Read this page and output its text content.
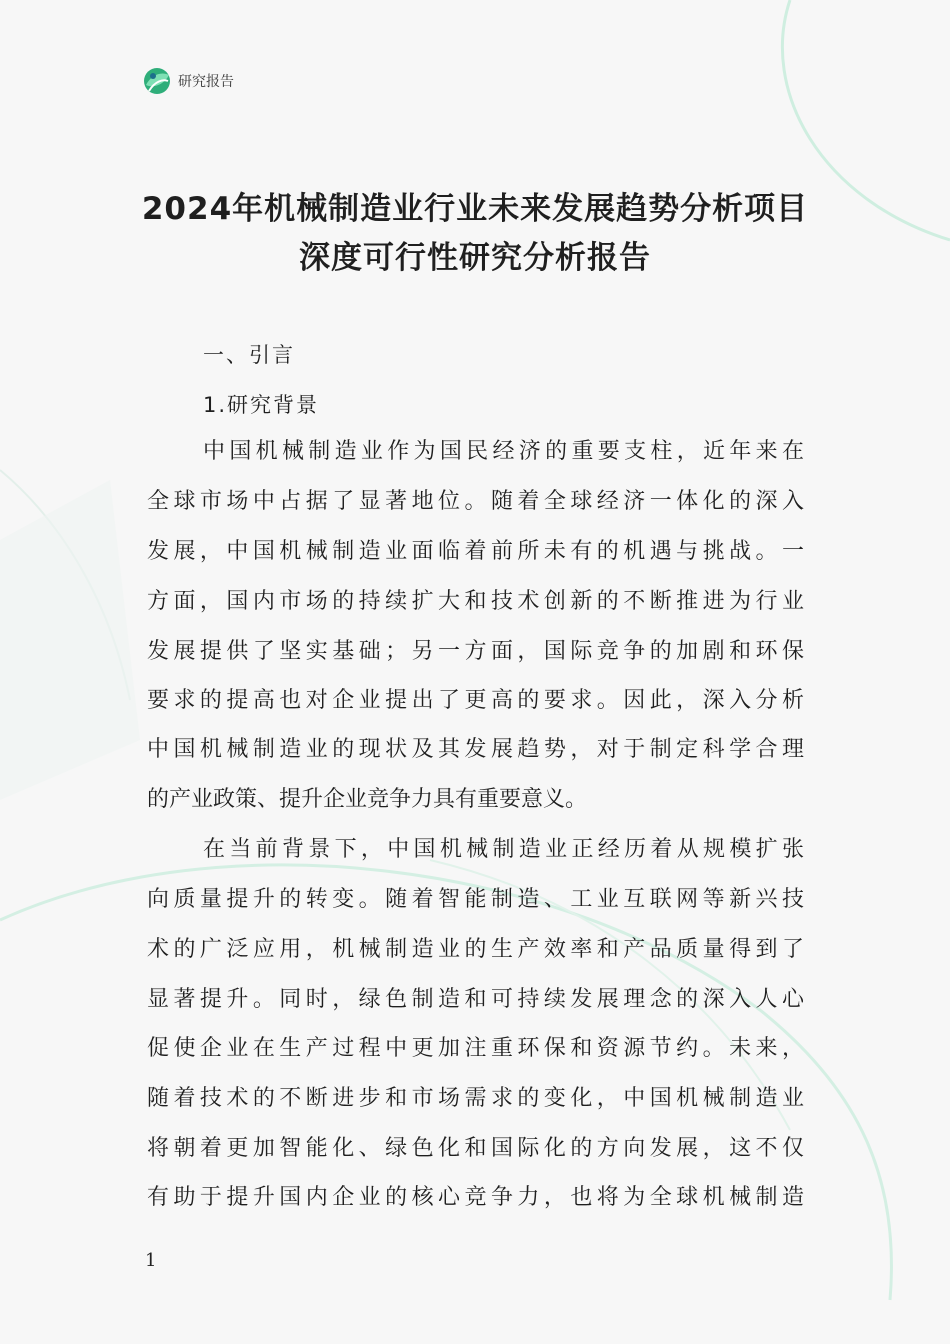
研究报告
2024年机械制造业行业未来发展趋势分析项目
深度可行性研究分析报告
一、引言
1.研究背景
中国机械制造业作为国民经济的重要支柱，近年来在
全球市场中占据了显著地位。随着全球经济一体化的深入
发展，中国机械制造业面临着前所未有的机遇与挑战。一
方面，国内市场的持续扩大和技术创新的不断推进为行业
发展提供了坚实基础；另一方面，国际竞争的加剧和环保
要求的提高也对企业提出了更高的要求。因此，深入分析
中国机械制造业的现状及其发展趋势，对于制定科学合理
的产业政策、提升企业竞争力具有重要意义。
在当前背景下，中国机械制造业正经历着从规模扩张
向质量提升的转变。随着智能制造、工业互联网等新兴技
术的广泛应用，机械制造业的生产效率和产品质量得到了
显著提升。同时，绿色制造和可持续发展理念的深入人心
促使企业在生产过程中更加注重环保和资源节约。未来，
随着技术的不断进步和市场需求的变化，中国机械制造业
将朝着更加智能化、绿色化和国际化的方向发展，这不仅
有助于提升国内企业的核心竞争力，也将为全球机械制造
1
